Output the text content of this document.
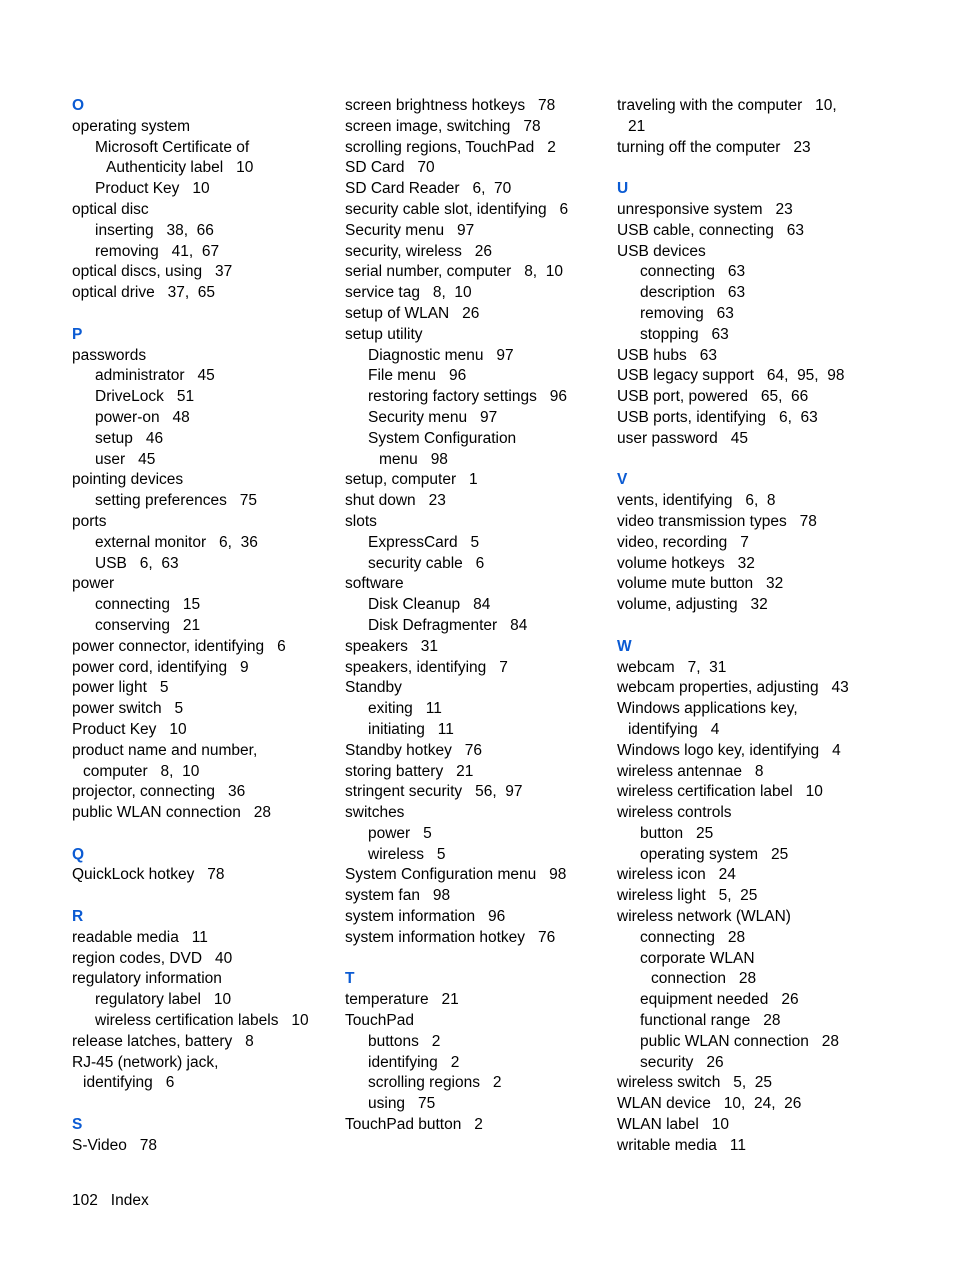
O
operating system
Microsoft Certificate of
Authenticity label   10
Product Key   10
optical disc
inserting   38,  66
removing   41,  67
optical discs, using   37
optical drive   37,  65
P
passwords
administrator   45
DriveLock   51
power-on   48
setup   46
user   45
pointing devices
setting preferences   75
ports
external monitor   6,  36
USB   6,  63
power
connecting   15
conserving   21
power connector, identifying   6
power cord, identifying   9
power light   5
power switch   5
Product Key   10
product name and number,
computer   8,  10
projector, connecting   36
public WLAN connection   28
Q
QuickLock hotkey   78
R
readable media   11
region codes, DVD   40
regulatory information
regulatory label   10
wireless certification labels   10
release latches, battery   8
RJ-45 (network) jack,
identifying   6
S
S-Video   78
screen brightness hotkeys   78
screen image, switching   78
scrolling regions, TouchPad   2
SD Card   70
SD Card Reader   6,  70
security cable slot, identifying   6
Security menu   97
security, wireless   26
serial number, computer   8,  10
service tag   8,  10
setup of WLAN   26
setup utility
Diagnostic menu   97
File menu   96
restoring factory settings   96
Security menu   97
System Configuration
menu   98
setup, computer   1
shut down   23
slots
ExpressCard   5
security cable   6
software
Disk Cleanup   84
Disk Defragmenter   84
speakers   31
speakers, identifying   7
Standby
exiting   11
initiating   11
Standby hotkey   76
storing battery   21
stringent security   56,  97
switches
power   5
wireless   5
System Configuration menu   98
system fan   98
system information   96
system information hotkey   76
T
temperature   21
TouchPad
buttons   2
identifying   2
scrolling regions   2
using   75
TouchPad button   2
traveling with the computer   10,
21
turning off the computer   23
U
unresponsive system   23
USB cable, connecting   63
USB devices
connecting   63
description   63
removing   63
stopping   63
USB hubs   63
USB legacy support   64,  95,  98
USB port, powered   65,  66
USB ports, identifying   6,  63
user password   45
V
vents, identifying   6,  8
video transmission types   78
video, recording   7
volume hotkeys   32
volume mute button   32
volume, adjusting   32
W
webcam   7,  31
webcam properties, adjusting   43
Windows applications key,
identifying   4
Windows logo key, identifying   4
wireless antennae   8
wireless certification label   10
wireless controls
button   25
operating system   25
wireless icon   24
wireless light   5,  25
wireless network (WLAN)
connecting   28
corporate WLAN
connection   28
equipment needed   26
functional range   28
public WLAN connection   28
security   26
wireless switch   5,  25
WLAN device   10,  24,  26
WLAN label   10
writable media   11
102 Index
